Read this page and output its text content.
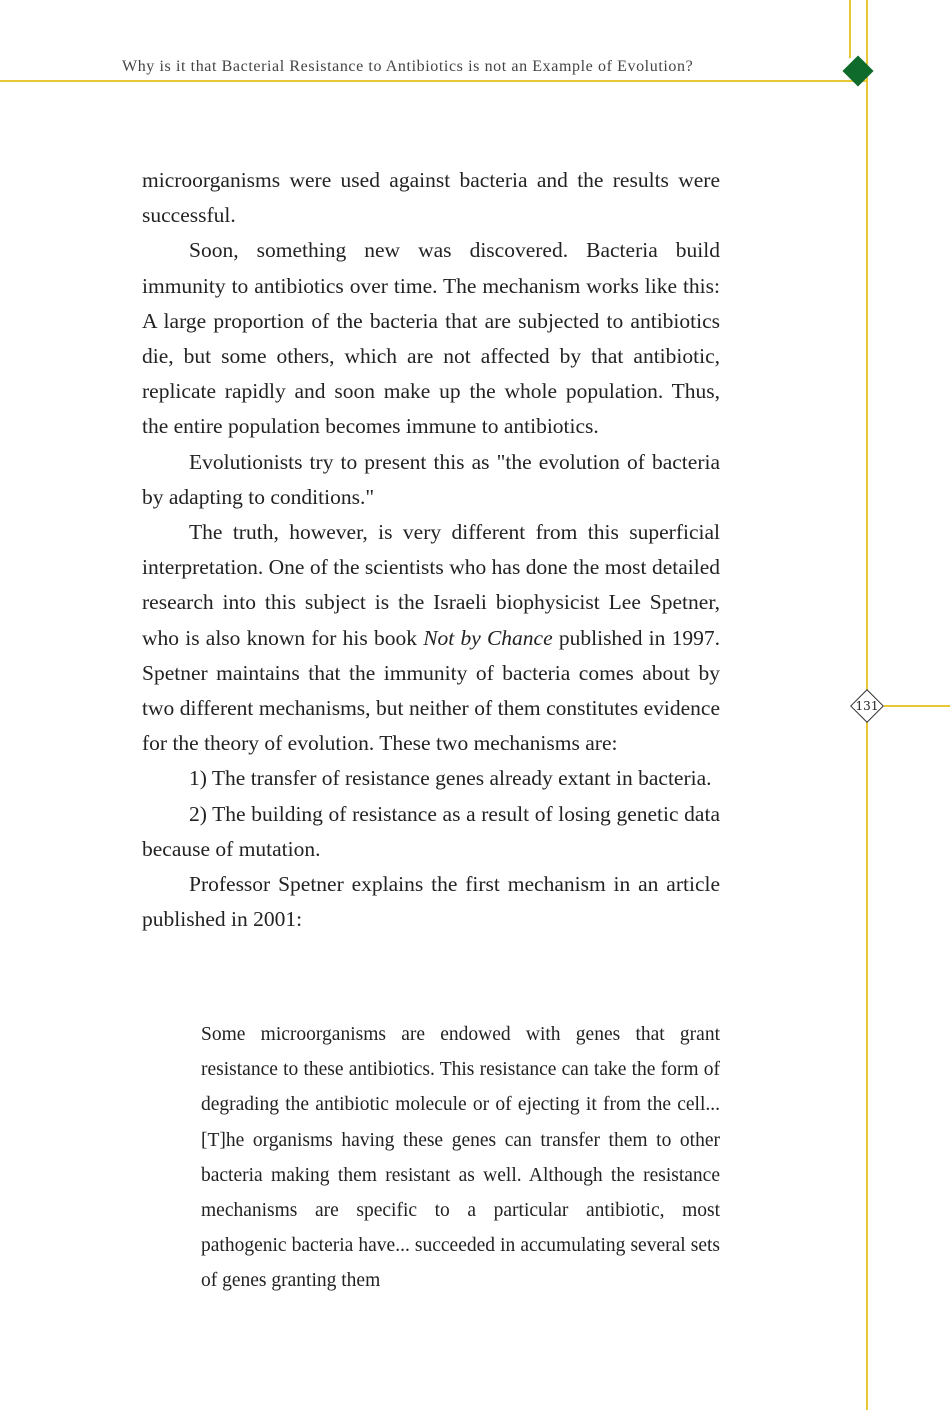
131
Why is it that Bacterial Resistance to Antibiotics is not an Example of Evolution?

microorganisms were used against bacteria and the results were successful.

Soon, something new was discovered. Bacteria build immunity to antibiotics over time. The mechanism works like this: A large proportion of the bacteria that are subjected to antibiotics die, but some others, which are not affected by that antibiotic, replicate rapidly and soon make up the whole population. Thus, the entire population becomes immune to antibiotics.

Evolutionists try to present this as "the evolution of bacteria by adapting to conditions."

The truth, however, is very different from this superficial interpretation. One of the scientists who has done the most detailed research into this subject is the Israeli biophysicist Lee Spetner, who is also known for his book Not by Chance published in 1997. Spetner maintains that the immunity of bacteria comes about by two different mechanisms, but neither of them constitutes evidence for the theory of evolution. These two mechanisms are:

1) The transfer of resistance genes already extant in bacteria.

2) The building of resistance as a result of losing genetic data because of mutation.

Professor Spetner explains the first mechanism in an article published in 2001:

Some microorganisms are endowed with genes that grant resistance to these antibiotics. This resistance can take the form of degrading the antibiotic molecule or of ejecting it from the cell... [T]he organisms having these genes can transfer them to other bacteria making them resistant as well. Although the resistance mechanisms are specific to a particular antibiotic, most pathogenic bacteria have... succeeded in accumulating several sets of genes granting them
